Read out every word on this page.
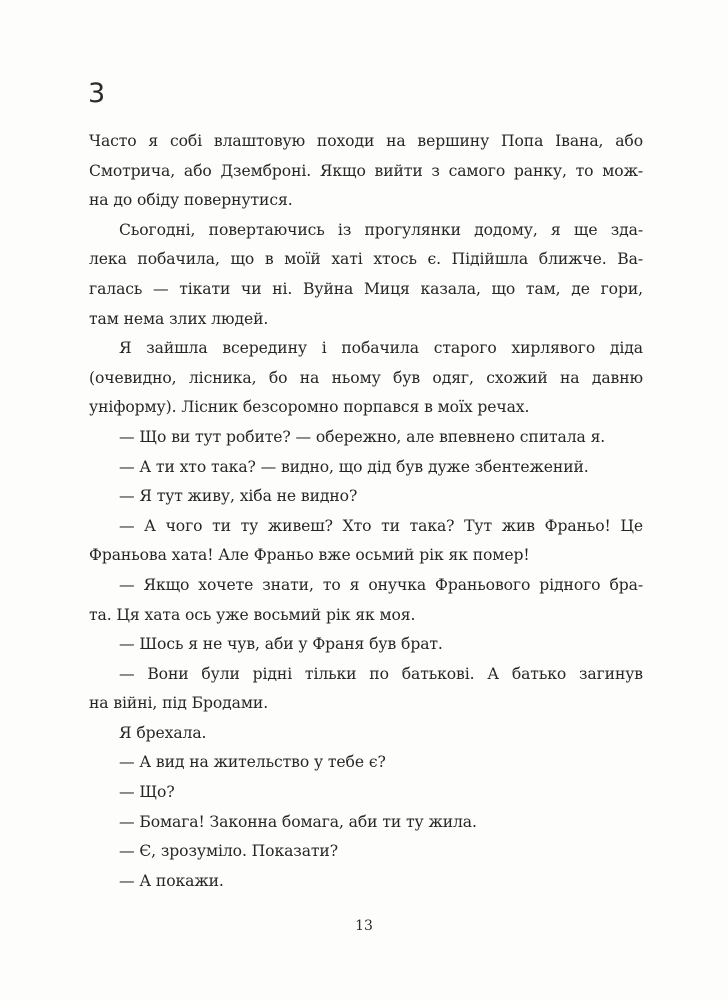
3
Часто я собі влаштовую походи на вершину Попа Івана, або
Смотрича, або Дземброні. Якщо вийти з самого ранку, то мож-
на до обіду повернутися.
Сьогодні, повертаючись із прогулянки додому, я ще зда-
лека побачила, що в моїй хаті хтось є. Підійшла ближче. Ва-
галась — тікати чи ні. Вуйна Миця казала, що там, де гори,
там нема злих людей.
Я зайшла всередину і побачила старого хирлявого діда
(очевидно, лісника, бо на ньому був одяг, схожий на давню
уніформу). Лісник безсоромно порпався в моїх речах.
— Що ви тут робите? — обережно, але впевнено спитала я.
— А ти хто така? — видно, що дід був дуже збентежений.
— Я тут живу, хіба не видно?
— А чого ти ту живеш? Хто ти така? Тут жив Франьо! Це
Франьова хата! Але Франьо вже осьмий рік як помер!
— Якщо хочете знати, то я онучка Франьового рідного бра-
та. Ця хата ось уже восьмий рік як моя.
— Шось я не чув, аби у Франя був брат.
— Вони були рідні тільки по батькові. А батько загинув
на війні, під Бродами.
Я брехала.
— А вид на жительство у тебе є?
— Що?
— Бомага! Законна бомага, аби ти ту жила.
— Є, зрозуміло. Показати?
— А покажи.
13
